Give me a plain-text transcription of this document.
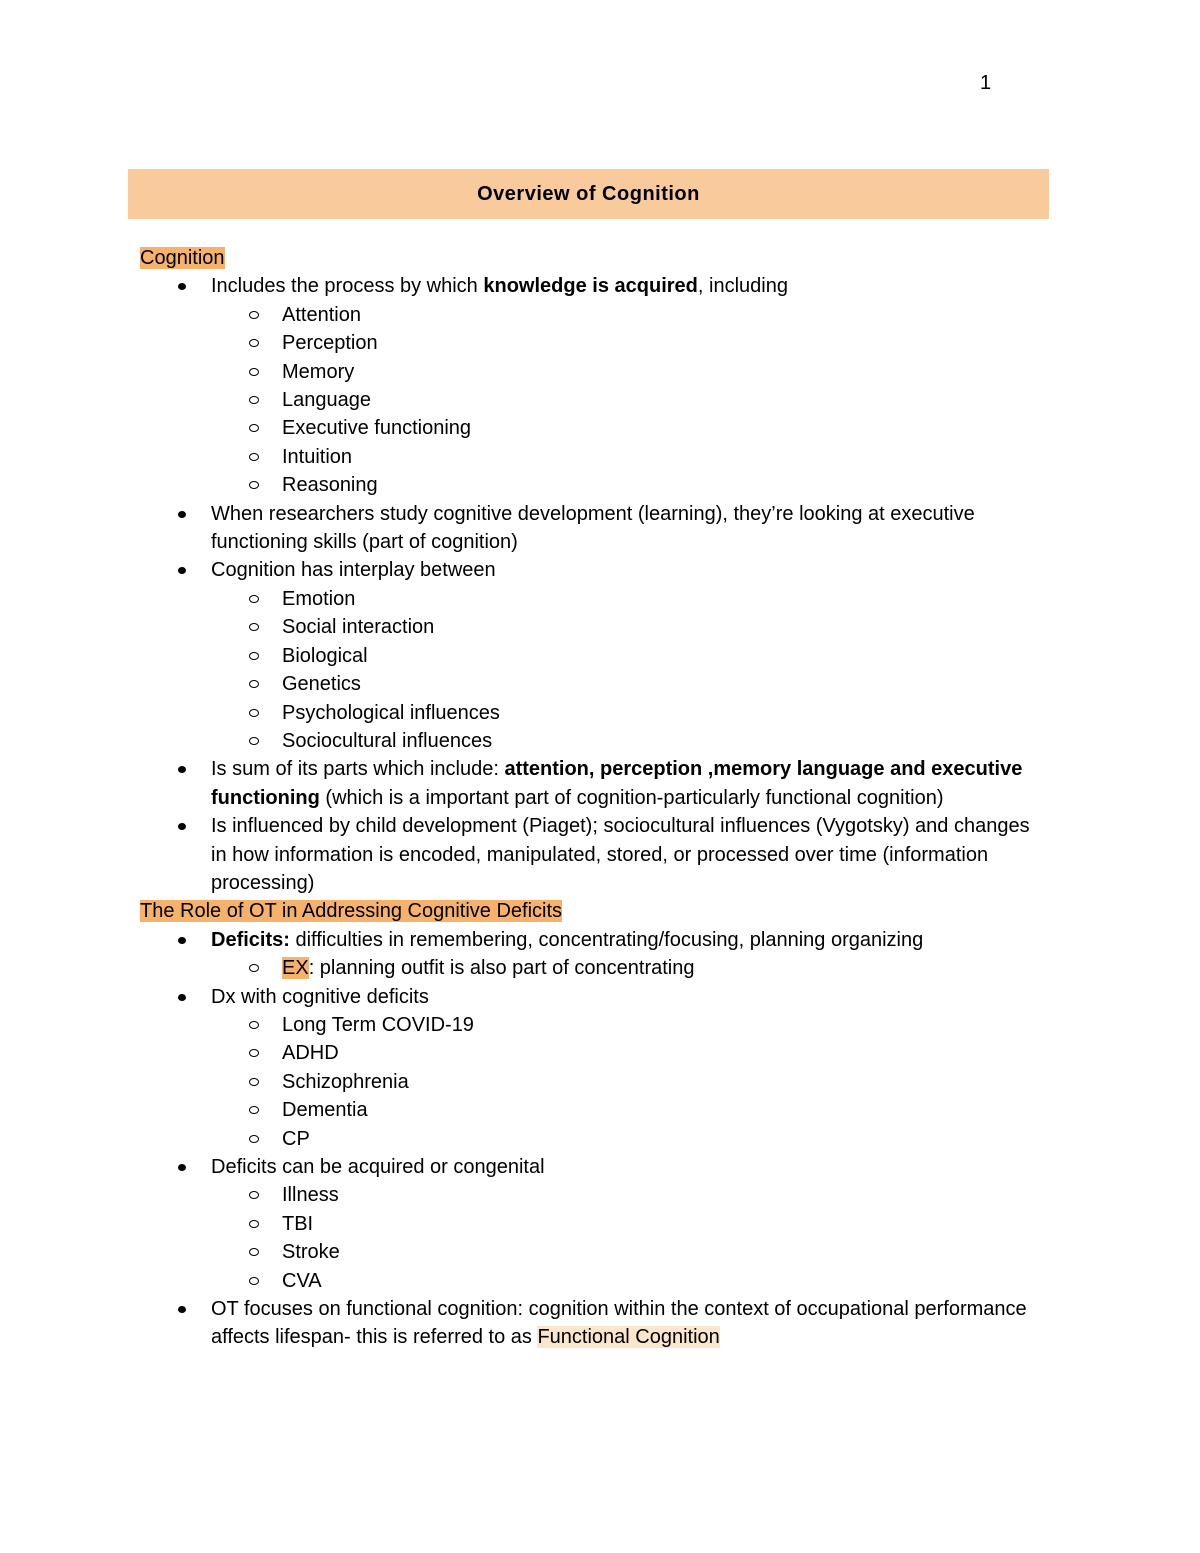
1
Overview of Cognition
Cognition
Includes the process by which knowledge is acquired, including
Attention
Perception
Memory
Language
Executive functioning
Intuition
Reasoning
When researchers study cognitive development (learning), they’re looking at executive functioning skills (part of cognition)
Cognition has interplay between
Emotion
Social interaction
Biological
Genetics
Psychological influences
Sociocultural influences
Is sum of its parts which include: attention, perception ,memory language and executive functioning (which is a important part of cognition-particularly functional cognition)
Is influenced by child development (Piaget); sociocultural influences (Vygotsky) and changes in how information is encoded, manipulated, stored, or processed over time (information processing)
The Role of OT in Addressing Cognitive Deficits
Deficits: difficulties in remembering, concentrating/focusing, planning organizing
EX: planning outfit is also part of concentrating
Dx with cognitive deficits
Long Term COVID-19
ADHD
Schizophrenia
Dementia
CP
Deficits can be acquired or congenital
Illness
TBI
Stroke
CVA
OT focuses on functional cognition: cognition within the context of occupational performance affects lifespan- this is referred to as Functional Cognition
